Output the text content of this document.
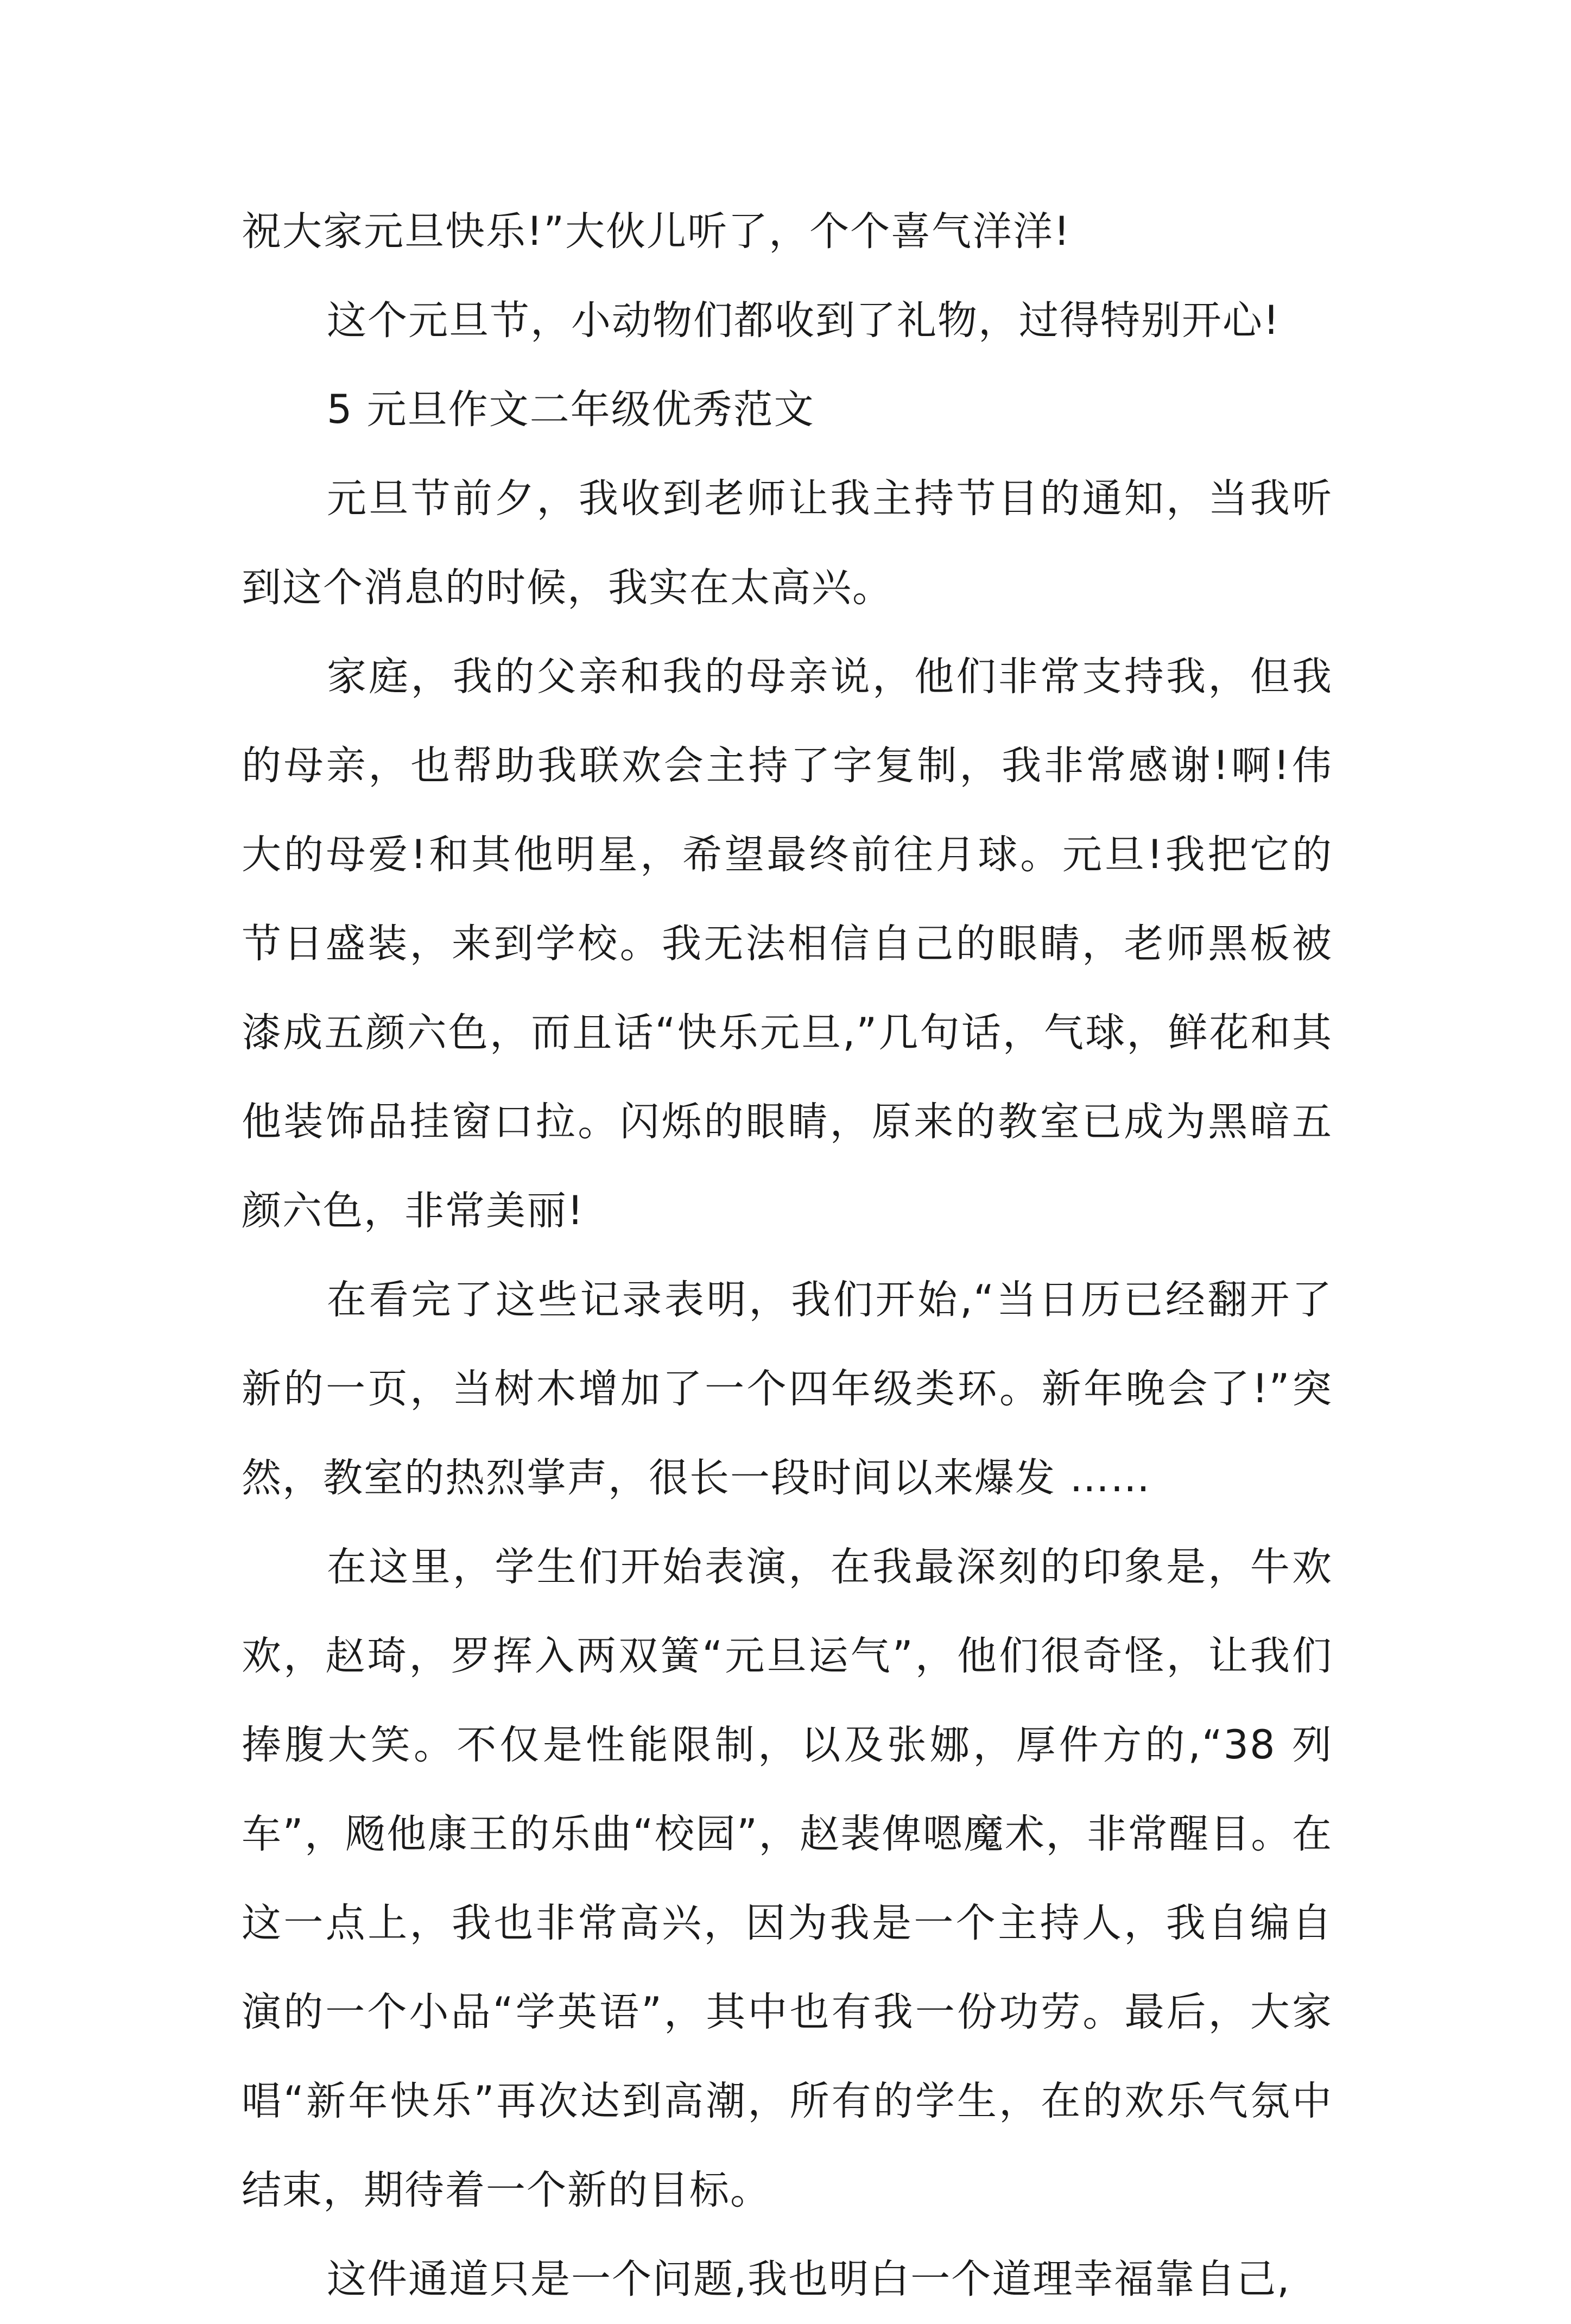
祝大家元旦快乐!”大伙儿听了，个个喜气洋洋!

这个元旦节，小动物们都收到了礼物，过得特别开心!

5 元旦作文二年级优秀范文

元旦节前夕，我收到老师让我主持节目的通知，当我听到这个消息的时候，我实在太高兴。

家庭，我的父亲和我的母亲说，他们非常支持我，但我的母亲，也帮助我联欢会主持了字复制，我非常感谢!啊!伟大的母爱!和其他明星，希望最终前往月球。元旦!我把它的节日盛装，来到学校。我无法相信自己的眼睛，老师黑板被漆成五颜六色，而且话“快乐元旦,”几句话，气球，鲜花和其他装饰品挂窗口拉。闪烁的眼睛，原来的教室已成为黑暗五颜六色，非常美丽!

在看完了这些记录表明，我们开始,“当日历已经翻开了新的一页，当树木增加了一个四年级类环。新年晚会了!”突然，教室的热烈掌声，很长一段时间以来爆发 ……

在这里，学生们开始表演，在我最深刻的印象是，牛欢欢，赵琦，罗挥入两双簧“元旦运气”，他们很奇怪，让我们捧腹大笑。不仅是性能限制，以及张娜，厚件方的,“38 列车”，飏他康王的乐曲“校园”，赵裴俾嗯魔术，非常醒目。在这一点上，我也非常高兴，因为我是一个主持人，我自编自演的一个小品“学英语”，其中也有我一份功劳。最后，大家唱“新年快乐”再次达到高潮，所有的学生，在的欢乐气氛中结束，期待着一个新的目标。

这件通道只是一个问题,我也明白一个道理幸福靠自己,
